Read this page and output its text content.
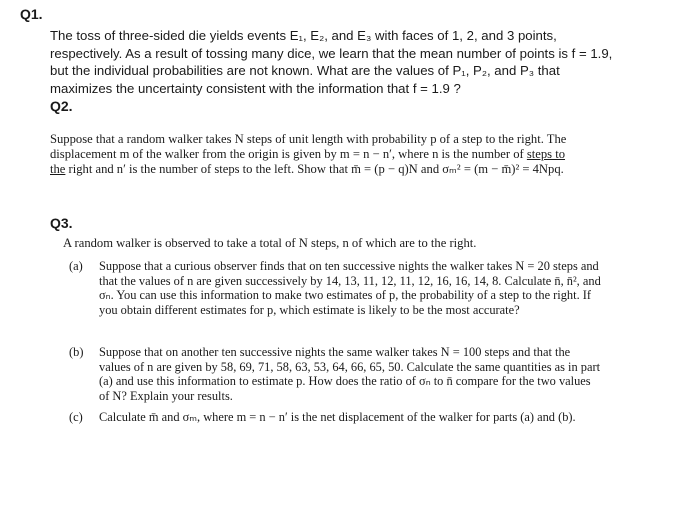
Q1.
The toss of three-sided die yields events E₁, E₂, and E₃ with faces of 1, 2, and 3 points, respectively. As a result of tossing many dice, we learn that the mean number of points is f = 1.9, but the individual probabilities are not known. What are the values of P₁, P₂, and P₃ that maximizes the uncertainty consistent with the information that f = 1.9 ?
Q2.
Suppose that a random walker takes N steps of unit length with probability p of a step to the right. The displacement m of the walker from the origin is given by m = n − n′, where n is the number of steps to the right and n′ is the number of steps to the left. Show that m̄ = (p − q)N and σₘ² = (m − m̄)² = 4Npq.
Q3.
A random walker is observed to take a total of N steps, n of which are to the right.
(a) Suppose that a curious observer finds that on ten successive nights the walker takes N = 20 steps and that the values of n are given successively by 14, 13, 11, 12, 11, 12, 16, 16, 14, 8. Calculate n̄, n̄², and σₙ. You can use this information to make two estimates of p, the probability of a step to the right. If you obtain different estimates for p, which estimate is likely to be the most accurate?
(b) Suppose that on another ten successive nights the same walker takes N = 100 steps and that the values of n are given by 58, 69, 71, 58, 63, 53, 64, 66, 65, 50. Calculate the same quantities as in part (a) and use this information to estimate p. How does the ratio of σₙ to n̄ compare for the two values of N? Explain your results.
(c) Calculate m̄ and σₘ, where m = n − n′ is the net displacement of the walker for parts (a) and (b).
